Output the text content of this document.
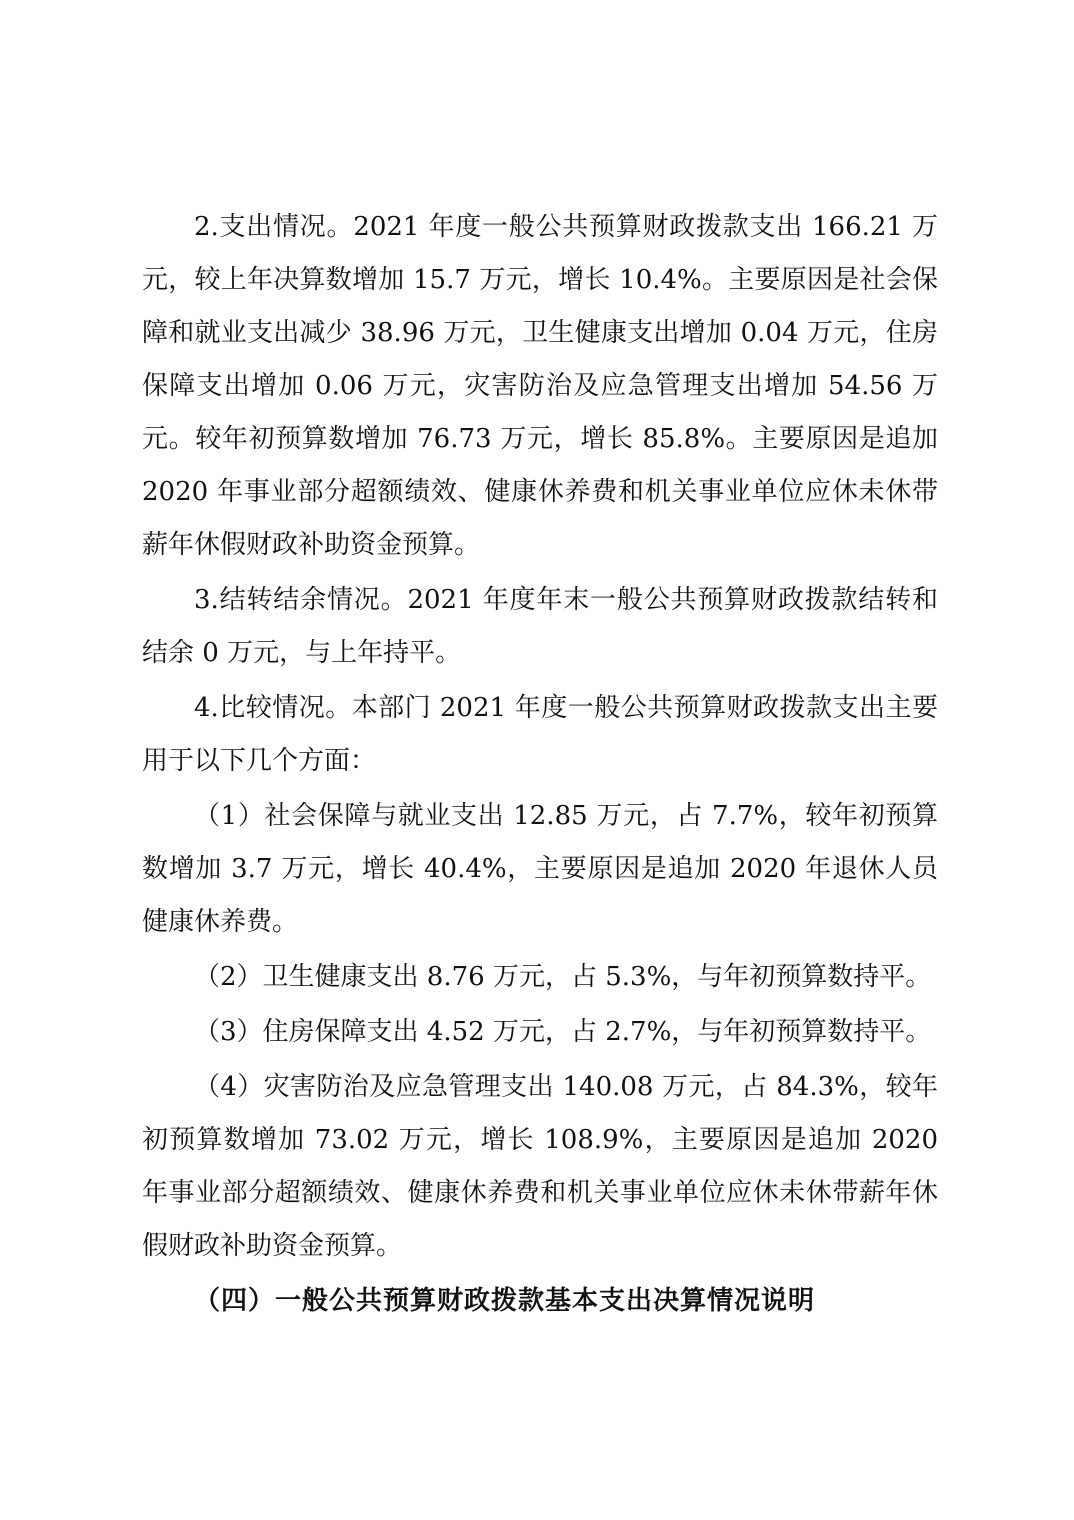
2.支出情况。2021 年度一般公共预算财政拨款支出 166.21 万元，较上年决算数增加 15.7 万元，增长 10.4%。主要原因是社会保障和就业支出减少 38.96 万元，卫生健康支出增加 0.04 万元，住房保障支出增加 0.06 万元，灾害防治及应急管理支出增加 54.56 万元。较年初预算数增加 76.73 万元，增长 85.8%。主要原因是追加 2020 年事业部分超额绩效、健康休养费和机关事业单位应休未休带薪年休假财政补助资金预算。

3.结转结余情况。2021 年度年末一般公共预算财政拨款结转和结余 0 万元，与上年持平。

4.比较情况。本部门 2021 年度一般公共预算财政拨款支出主要用于以下几个方面：

（1）社会保障与就业支出 12.85 万元，占 7.7%，较年初预算数增加 3.7 万元，增长 40.4%，主要原因是追加 2020 年退休人员健康休养费。

（2）卫生健康支出 8.76 万元，占 5.3%，与年初预算数持平。

（3）住房保障支出 4.52 万元，占 2.7%，与年初预算数持平。

（4）灾害防治及应急管理支出 140.08 万元，占 84.3%，较年初预算数增加 73.02 万元，增长 108.9%，主要原因是追加 2020 年事业部分超额绩效、健康休养费和机关事业单位应休未休带薪年休假财政补助资金预算。

（四）一般公共预算财政拨款基本支出决算情况说明
